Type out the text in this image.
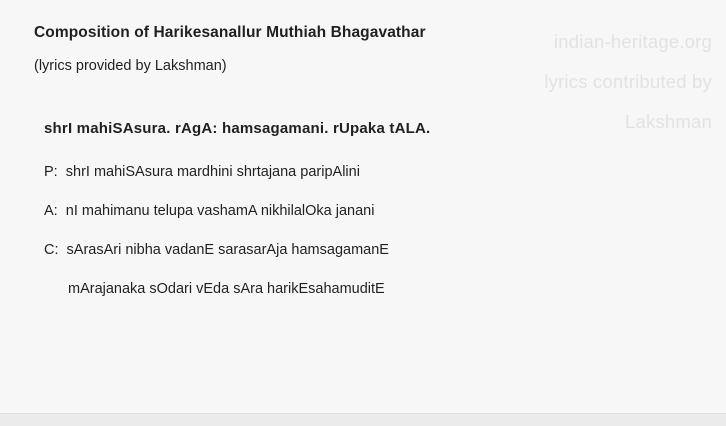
indian-heritage.org
lyrics contributed by
Lakshman
Composition of Harikesanallur Muthiah Bhagavathar

(lyrics provided by Lakshman)

shrI mahiSAsura. rAgA: hamsagamani. rUpaka tALA.
P:  shrI mahiSAsura mardhini shrtajana paripAlini
A:  nI mahimanu telupa vashamA nikhilalOka janani
C:  sArasAri nibha vadanE sarasarAja hamsagamanE
mArajanaka sOdari vEda sAra harikEsahamuditE
